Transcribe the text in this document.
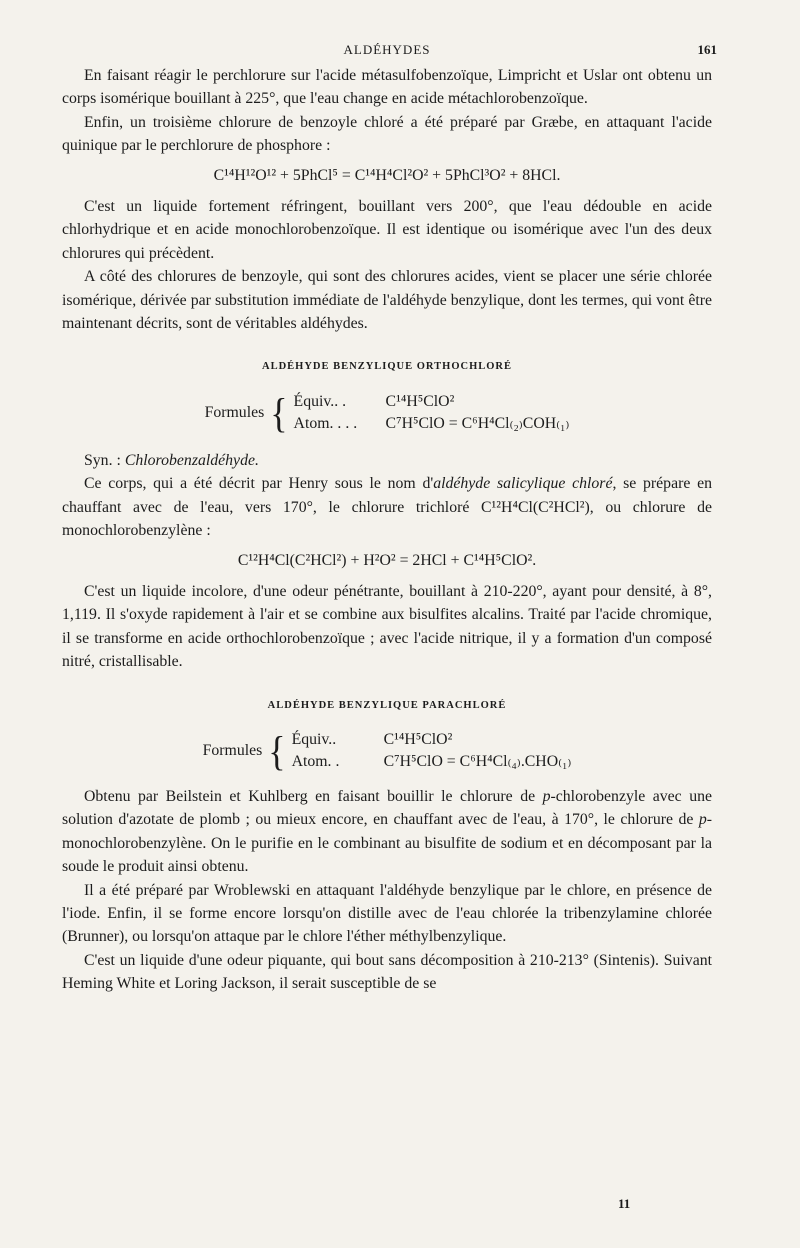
ALDÉHYDES	161

En faisant réagir le perchlorure sur l'acide métasulfobenzoïque, Limpricht et Uslar ont obtenu un corps isomérique bouillant à 225°, que l'eau change en acide métachlorobenzoïque.

Enfin, un troisième chlorure de benzoyle chloré a été préparé par Græbe, en attaquant l'acide quinique par le perchlorure de phosphore :

C¹⁴H¹²O¹² + 5PhCl⁵ = C¹⁴H⁴Cl²O² + 5PhCl³O² + 8HCl.

C'est un liquide fortement réfringent, bouillant vers 200°, que l'eau dédouble en acide chlorhydrique et en acide monochlorobenzoïque. Il est identique ou isomérique avec l'un des deux chlorures qui précèdent.

A côté des chlorures de benzoyle, qui sont des chlorures acides, vient se placer une série chlorée isomérique, dérivée par substitution immédiate de l'aldéhyde benzylique, dont les termes, qui vont être maintenant décrits, sont de véritables aldéhydes.

ALDÉHYDE BENZYLIQUE ORTHOCHLORÉ
Formules { Équiv.. . C¹⁴H⁵ClO²
Atom. . . . C⁷H⁵ClO = C⁶H⁴Cl₍₂₎COH₍₁₎

Syn. : Chlorobenzaldéhyde.

Ce corps, qui a été décrit par Henry sous le nom d'aldéhyde salicylique chloré, se prépare en chauffant avec de l'eau, vers 170°, le chlorure trichloré C¹²H⁴Cl(C²HCl²), ou chlorure de monochlorobenzylène :

C¹²H⁴Cl(C²HCl²) + H²O² = 2HCl + C¹⁴H⁵ClO².

C'est un liquide incolore, d'une odeur pénétrante, bouillant à 210-220°, ayant pour densité, à 8°, 1,119. Il s'oxyde rapidement à l'air et se combine aux bisulfites alcalins. Traité par l'acide chromique, il se transforme en acide orthochlorobenzoïque ; avec l'acide nitrique, il y a formation d'un composé nitré, cristallisable.

ALDÉHYDE BENZYLIQUE PARACHLORÉ
Formules { Équiv..	C¹⁴H⁵ClO²
Atom. .	C⁷H⁵ClO = C⁶H⁴Cl₍₄₎.CHO₍₁₎

Obtenu par Beilstein et Kuhlberg en faisant bouillir le chlorure de p-chlorobenzyle avec une solution d'azotate de plomb ; ou mieux encore, en chauffant avec de l'eau, à 170°, le chlorure de p-monochlorobenzylène. On le purifie en le combinant au bisulfite de sodium et en décomposant par la soude le produit ainsi obtenu.

Il a été préparé par Wroblewski en attaquant l'aldéhyde benzylique par le chlore, en présence de l'iode. Enfin, il se forme encore lorsqu'on distille avec de l'eau chlorée la tribenzylamine chlorée (Brunner), ou lorsqu'on attaque par le chlore l'éther méthylbenzylique.

C'est un liquide d'une odeur piquante, qui bout sans décomposition à 210-213° (Sintenis). Suivant Heming White et Loring Jackson, il serait susceptible de se

11
